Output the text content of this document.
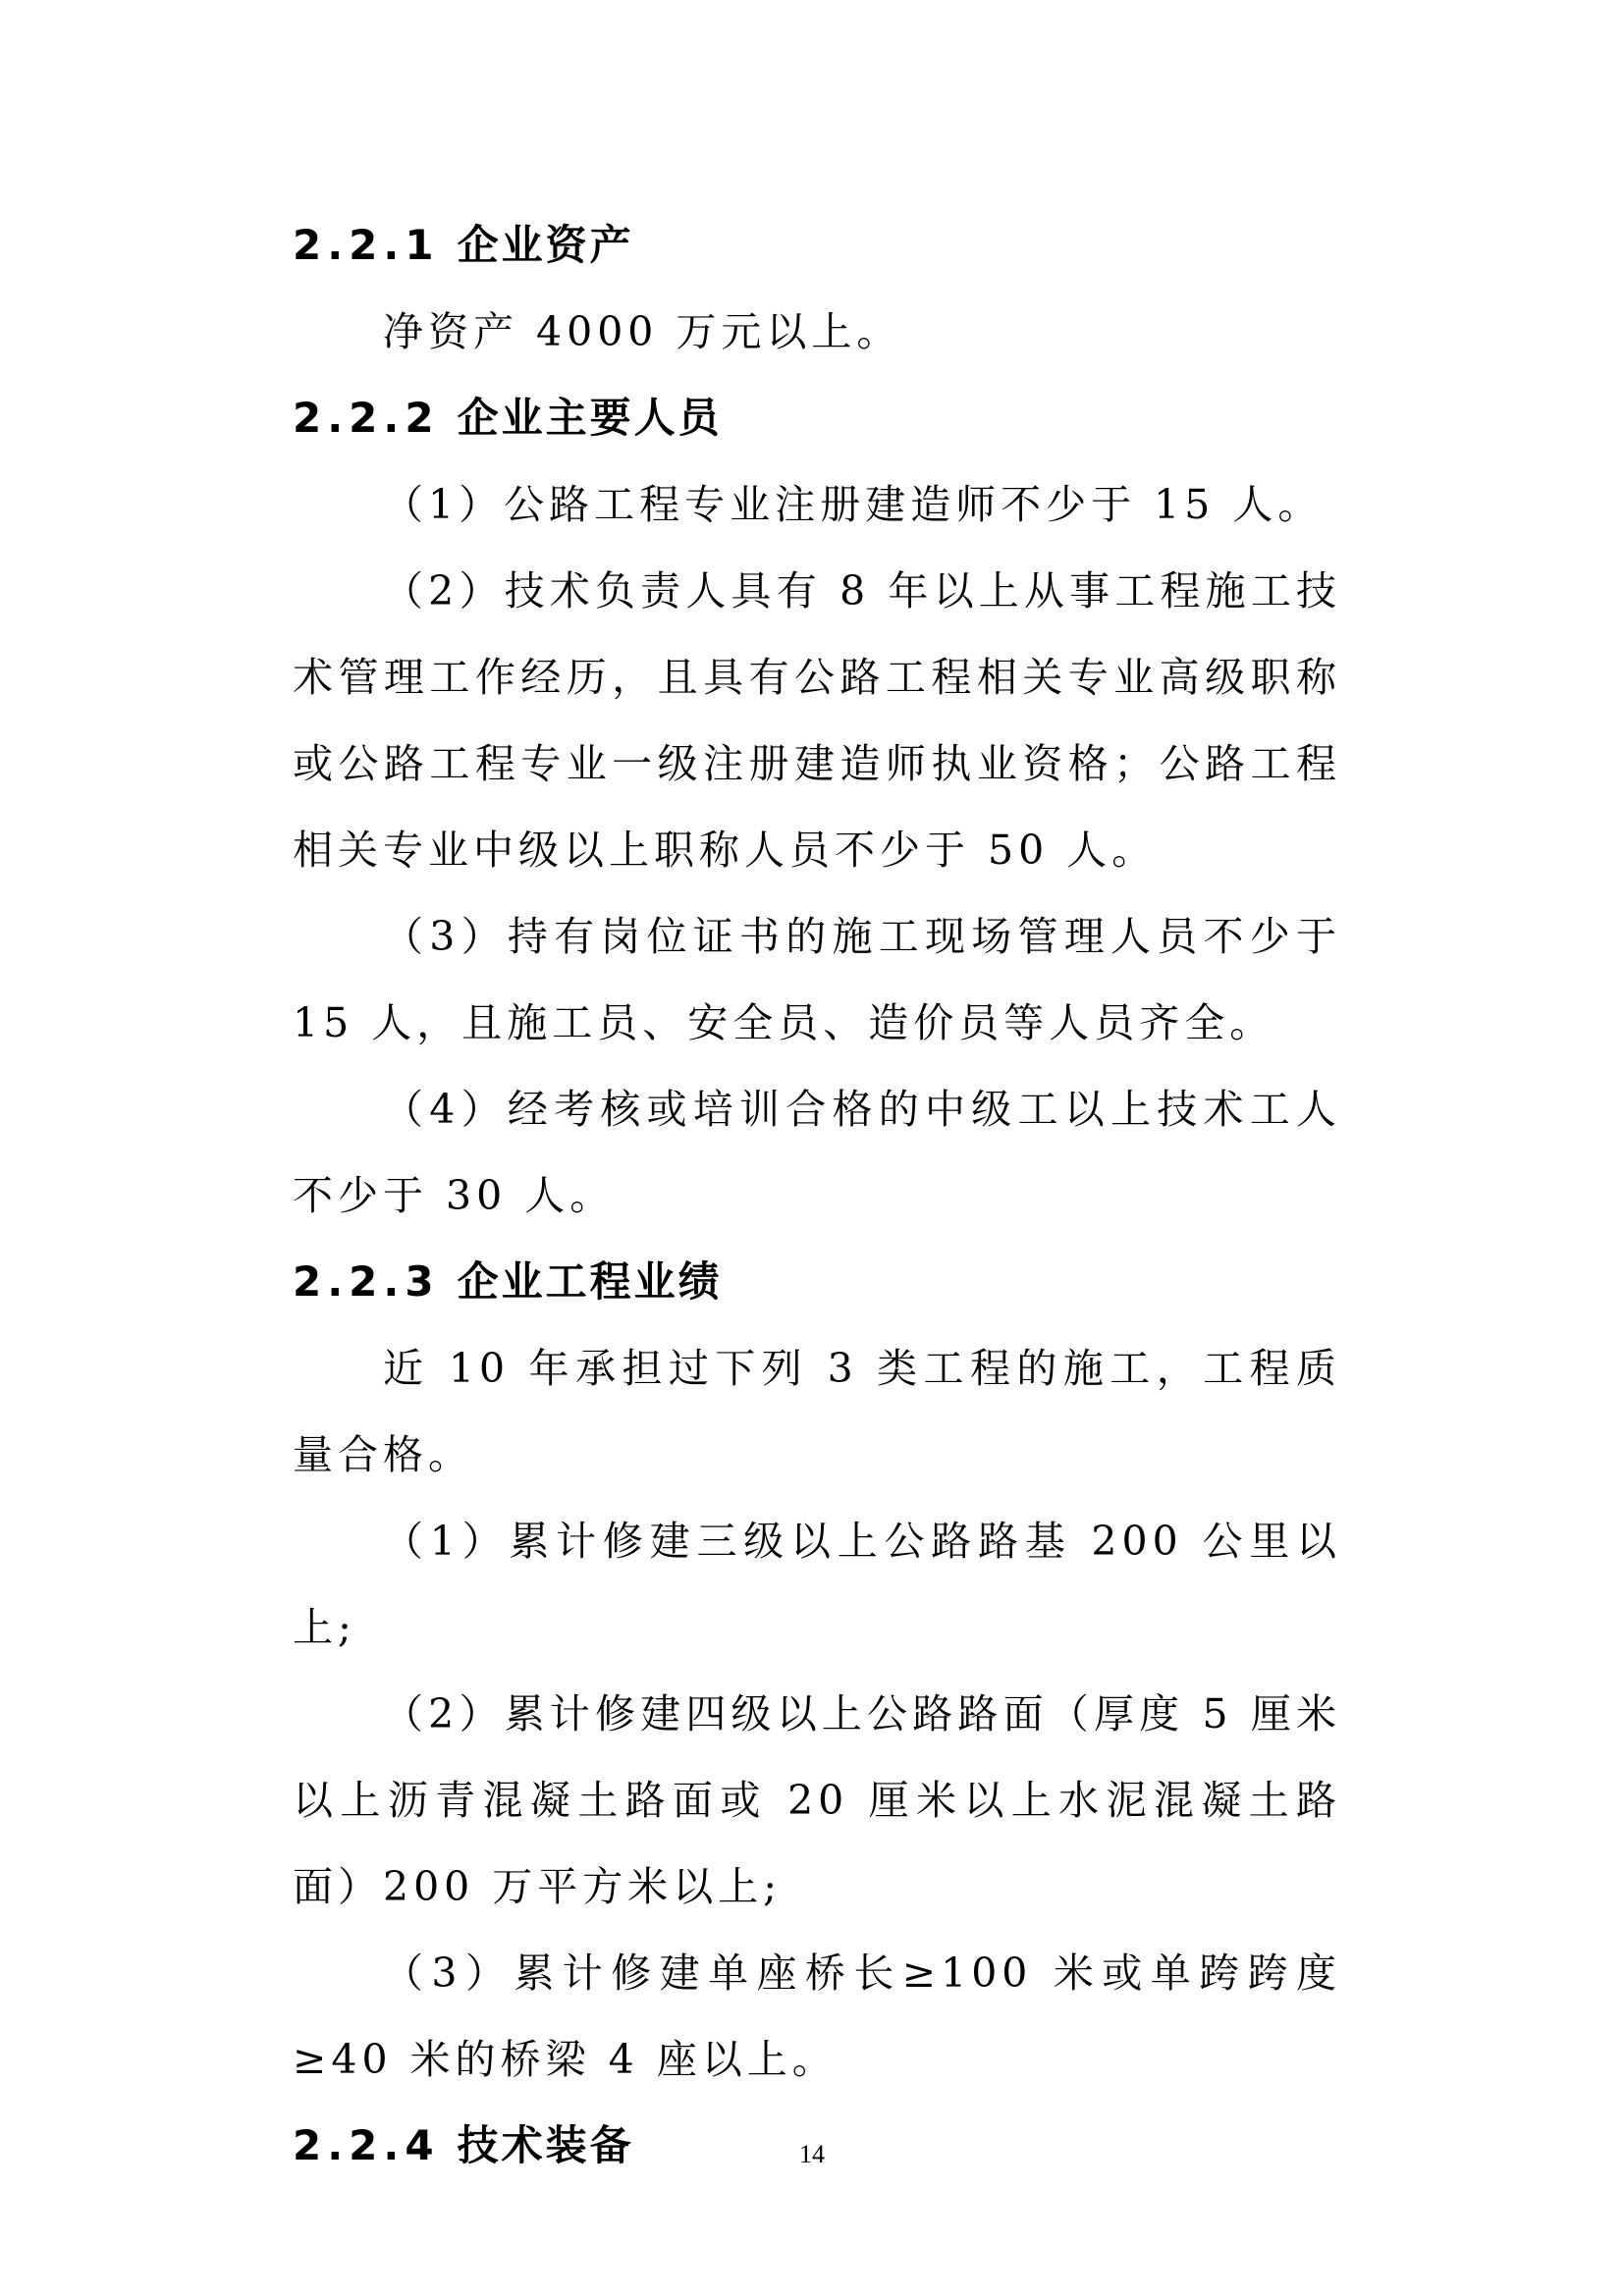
2.2.1 企业资产

净资产 4000 万元以上。

2.2.2 企业主要人员

（1）公路工程专业注册建造师不少于 15 人。

（2）技术负责人具有 8 年以上从事工程施工技术管理工作经历，且具有公路工程相关专业高级职称或公路工程专业一级注册建造师执业资格；公路工程相关专业中级以上职称人员不少于 50 人。

（3）持有岗位证书的施工现场管理人员不少于 15 人，且施工员、安全员、造价员等人员齐全。

（4）经考核或培训合格的中级工以上技术工人不少于 30 人。

2.2.3 企业工程业绩

近 10 年承担过下列 3 类工程的施工，工程质量合格。

（1）累计修建三级以上公路路基 200 公里以上;

（2）累计修建四级以上公路路面（厚度 5 厘米以上沥青混凝土路面或 20 厘米以上水泥混凝土路面）200 万平方米以上;

（3）累计修建单座桥长≥100 米或单跨跨度≥40 米的桥梁 4 座以上。

2.2.4 技术装备	14
